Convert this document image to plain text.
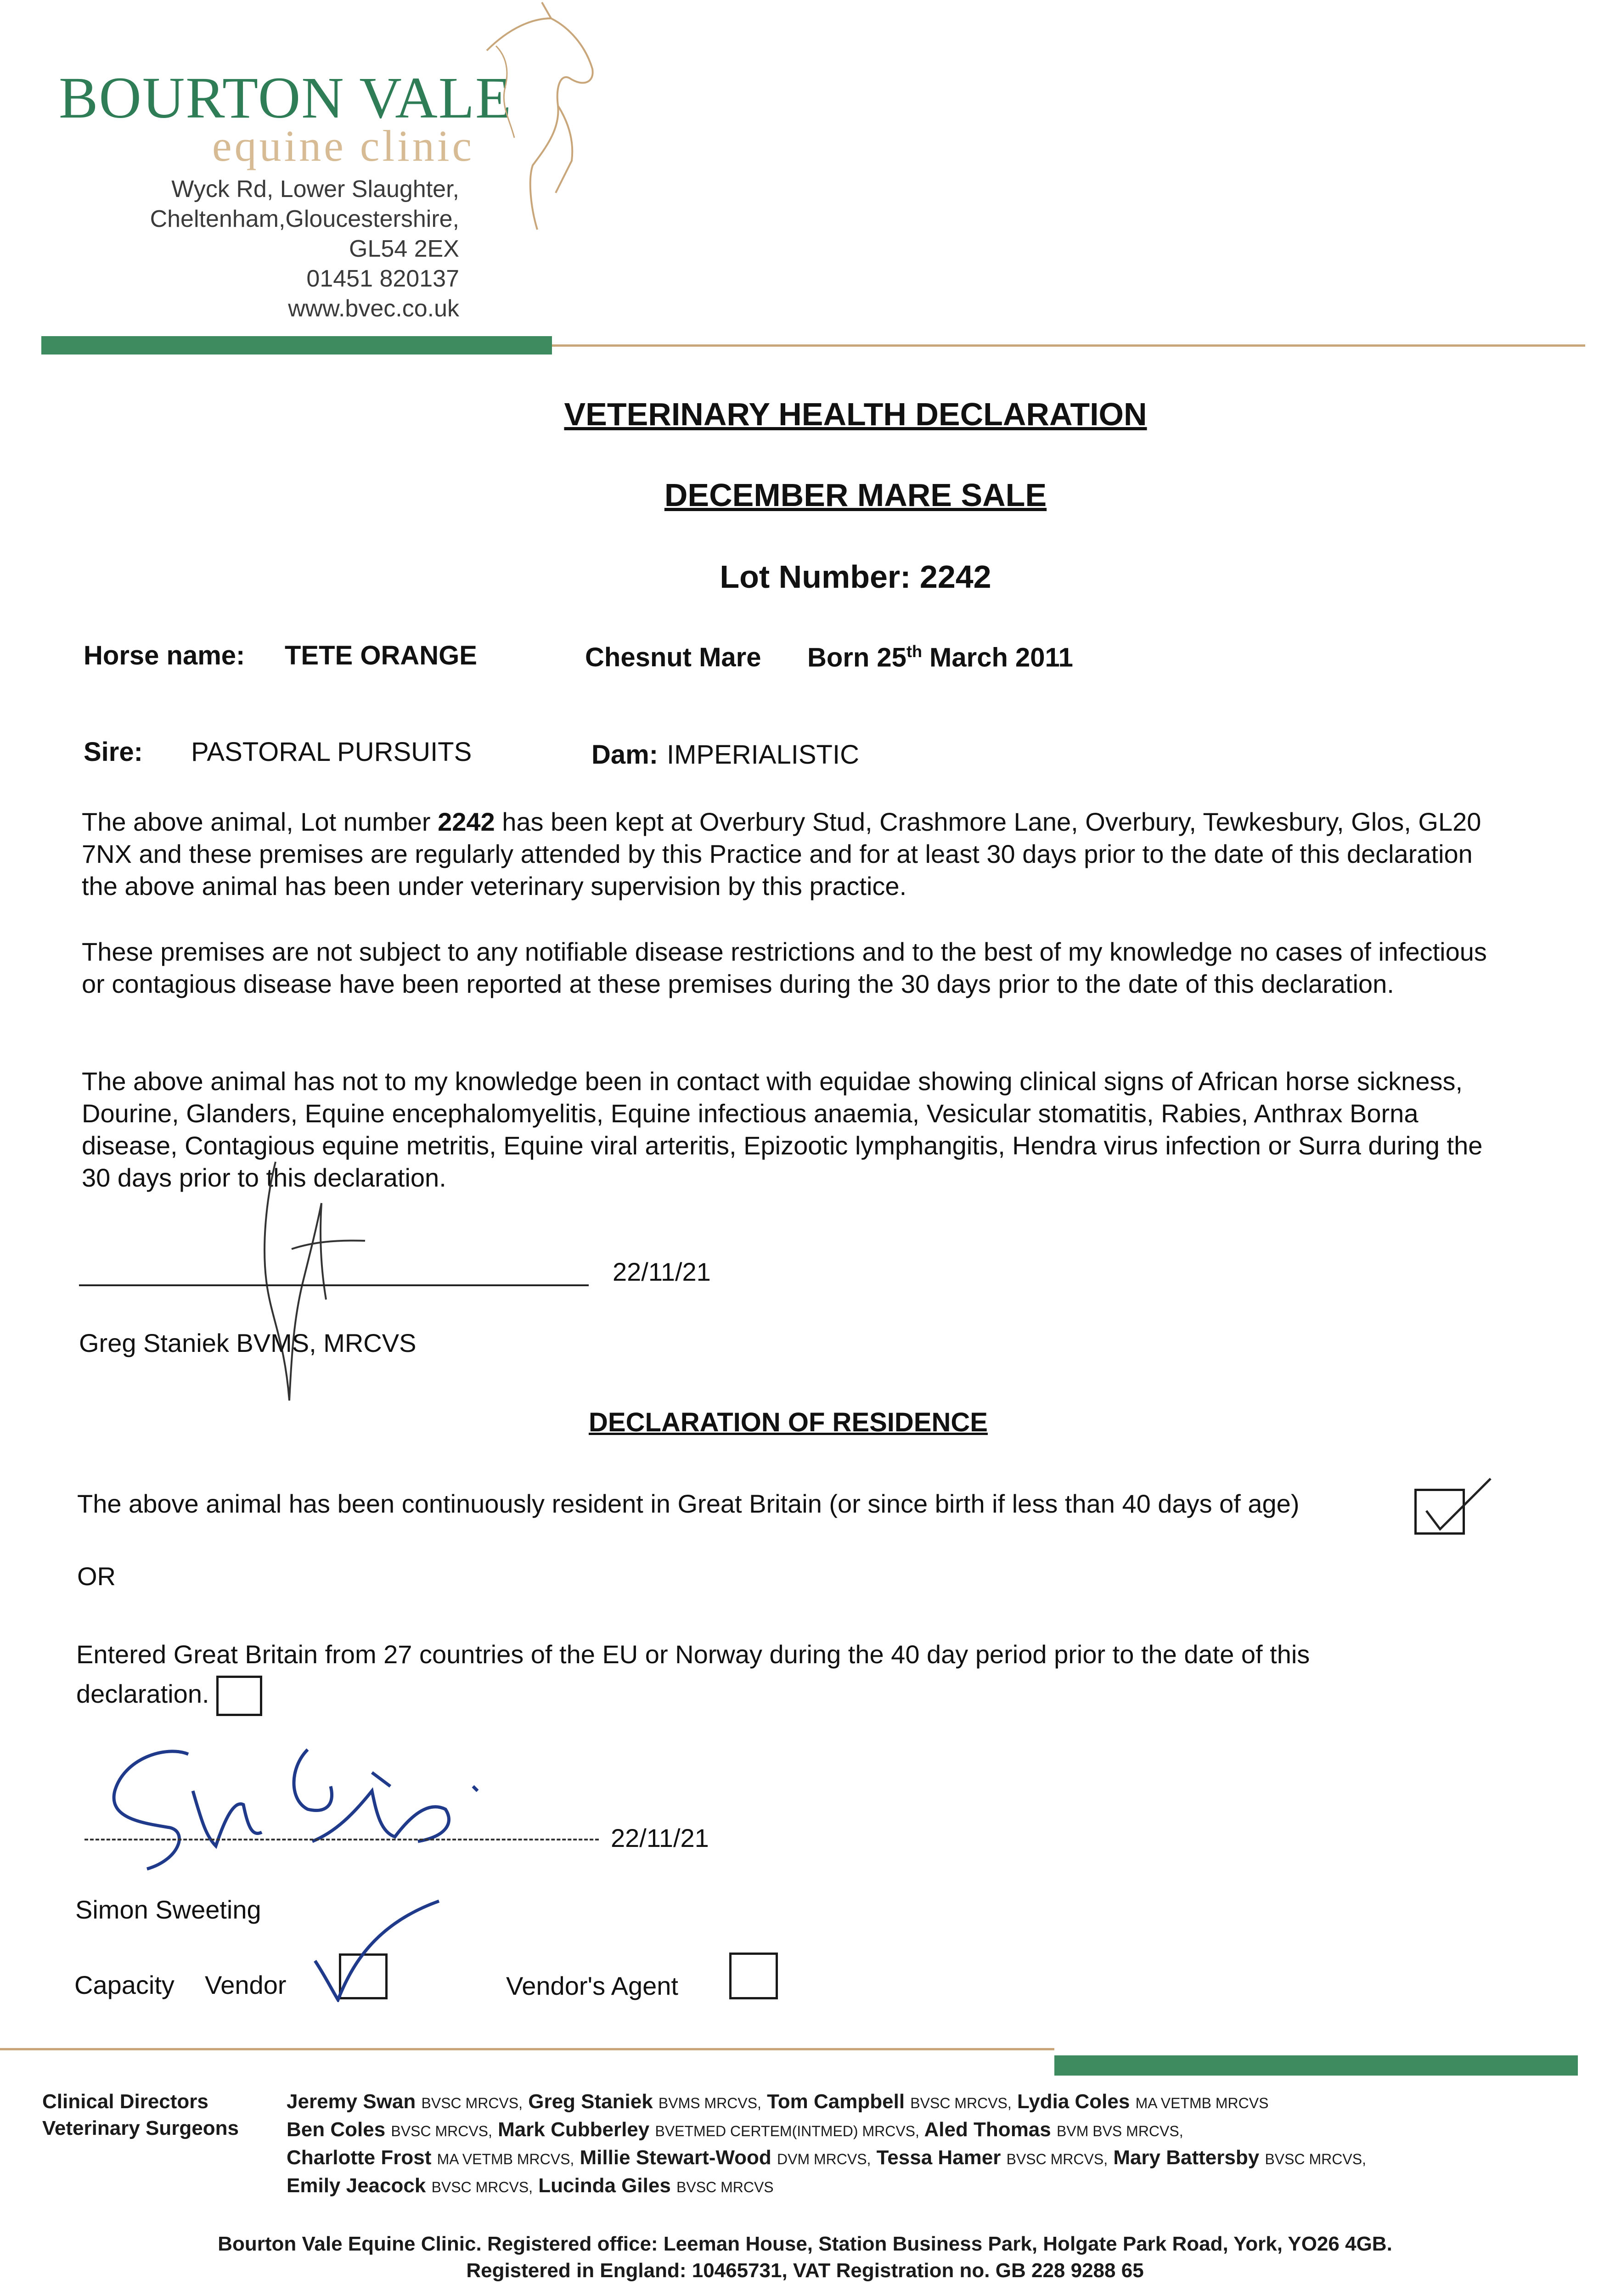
BOURTON VALE
equine clinic
Wyck Rd, Lower Slaughter,
Cheltenham,Gloucestershire,
GL54 2EX
01451 820137
www.bvec.co.uk
VETERINARY HEALTH DECLARATION
DECEMBER MARE SALE
Lot Number: 2242
Horse name: TETE ORANGE	Chesnut Mare Born 25th March 2011
Sire: PASTORAL PURSUITS	Dam: IMPERIALISTIC
The above animal, Lot number 2242 has been kept at Overbury Stud, Crashmore Lane, Overbury, Tewkesbury, Glos, GL20 7NX and these premises are regularly attended by this Practice and for at least 30 days prior to the date of this declaration the above animal has been under veterinary supervision by this practice.
These premises are not subject to any notifiable disease restrictions and to the best of my knowledge no cases of infectious or contagious disease have been reported at these premises during the 30 days prior to the date of this declaration.
The above animal has not to my knowledge been in contact with equidae showing clinical signs of African horse sickness, Dourine, Glanders, Equine encephalomyelitis, Equine infectious anaemia, Vesicular stomatitis, Rabies, Anthrax Borna disease, Contagious equine metritis, Equine viral arteritis, Epizootic lymphangitis, Hendra virus infection or Surra during the 30 days prior to this declaration.
22/11/21
Greg Staniek BVMS, MRCVS
DECLARATION OF RESIDENCE
The above animal has been continuously resident in Great Britain (or since birth if less than 40 days of age)
OR
Entered Great Britain from 27 countries of the EU or Norway during the 40 day period prior to the date of this declaration.
22/11/21
Simon Sweeting
Capacity Vendor	Vendor's Agent
Clinical Directors
Veterinary Surgeons
Jeremy Swan BVSC MRCVS, Greg Staniek BVMS MRCVS, Tom Campbell BVSC MRCVS, Lydia Coles MA VETMB MRCVS
Ben Coles BVSC MRCVS, Mark Cubberley BVETMED CERTEM(INTMED) MRCVS, Aled Thomas BVM BVS MRCVS,
Charlotte Frost MA VETMB MRCVS, Millie Stewart-Wood DVM MRCVS, Tessa Hamer BVSC MRCVS, Mary Battersby BVSC MRCVS,
Emily Jeacock BVSC MRCVS, Lucinda Giles BVSC MRCVS
Bourton Vale Equine Clinic. Registered office: Leeman House, Station Business Park, Holgate Park Road, York, YO26 4GB.
Registered in England: 10465731, VAT Registration no. GB 228 9288 65
